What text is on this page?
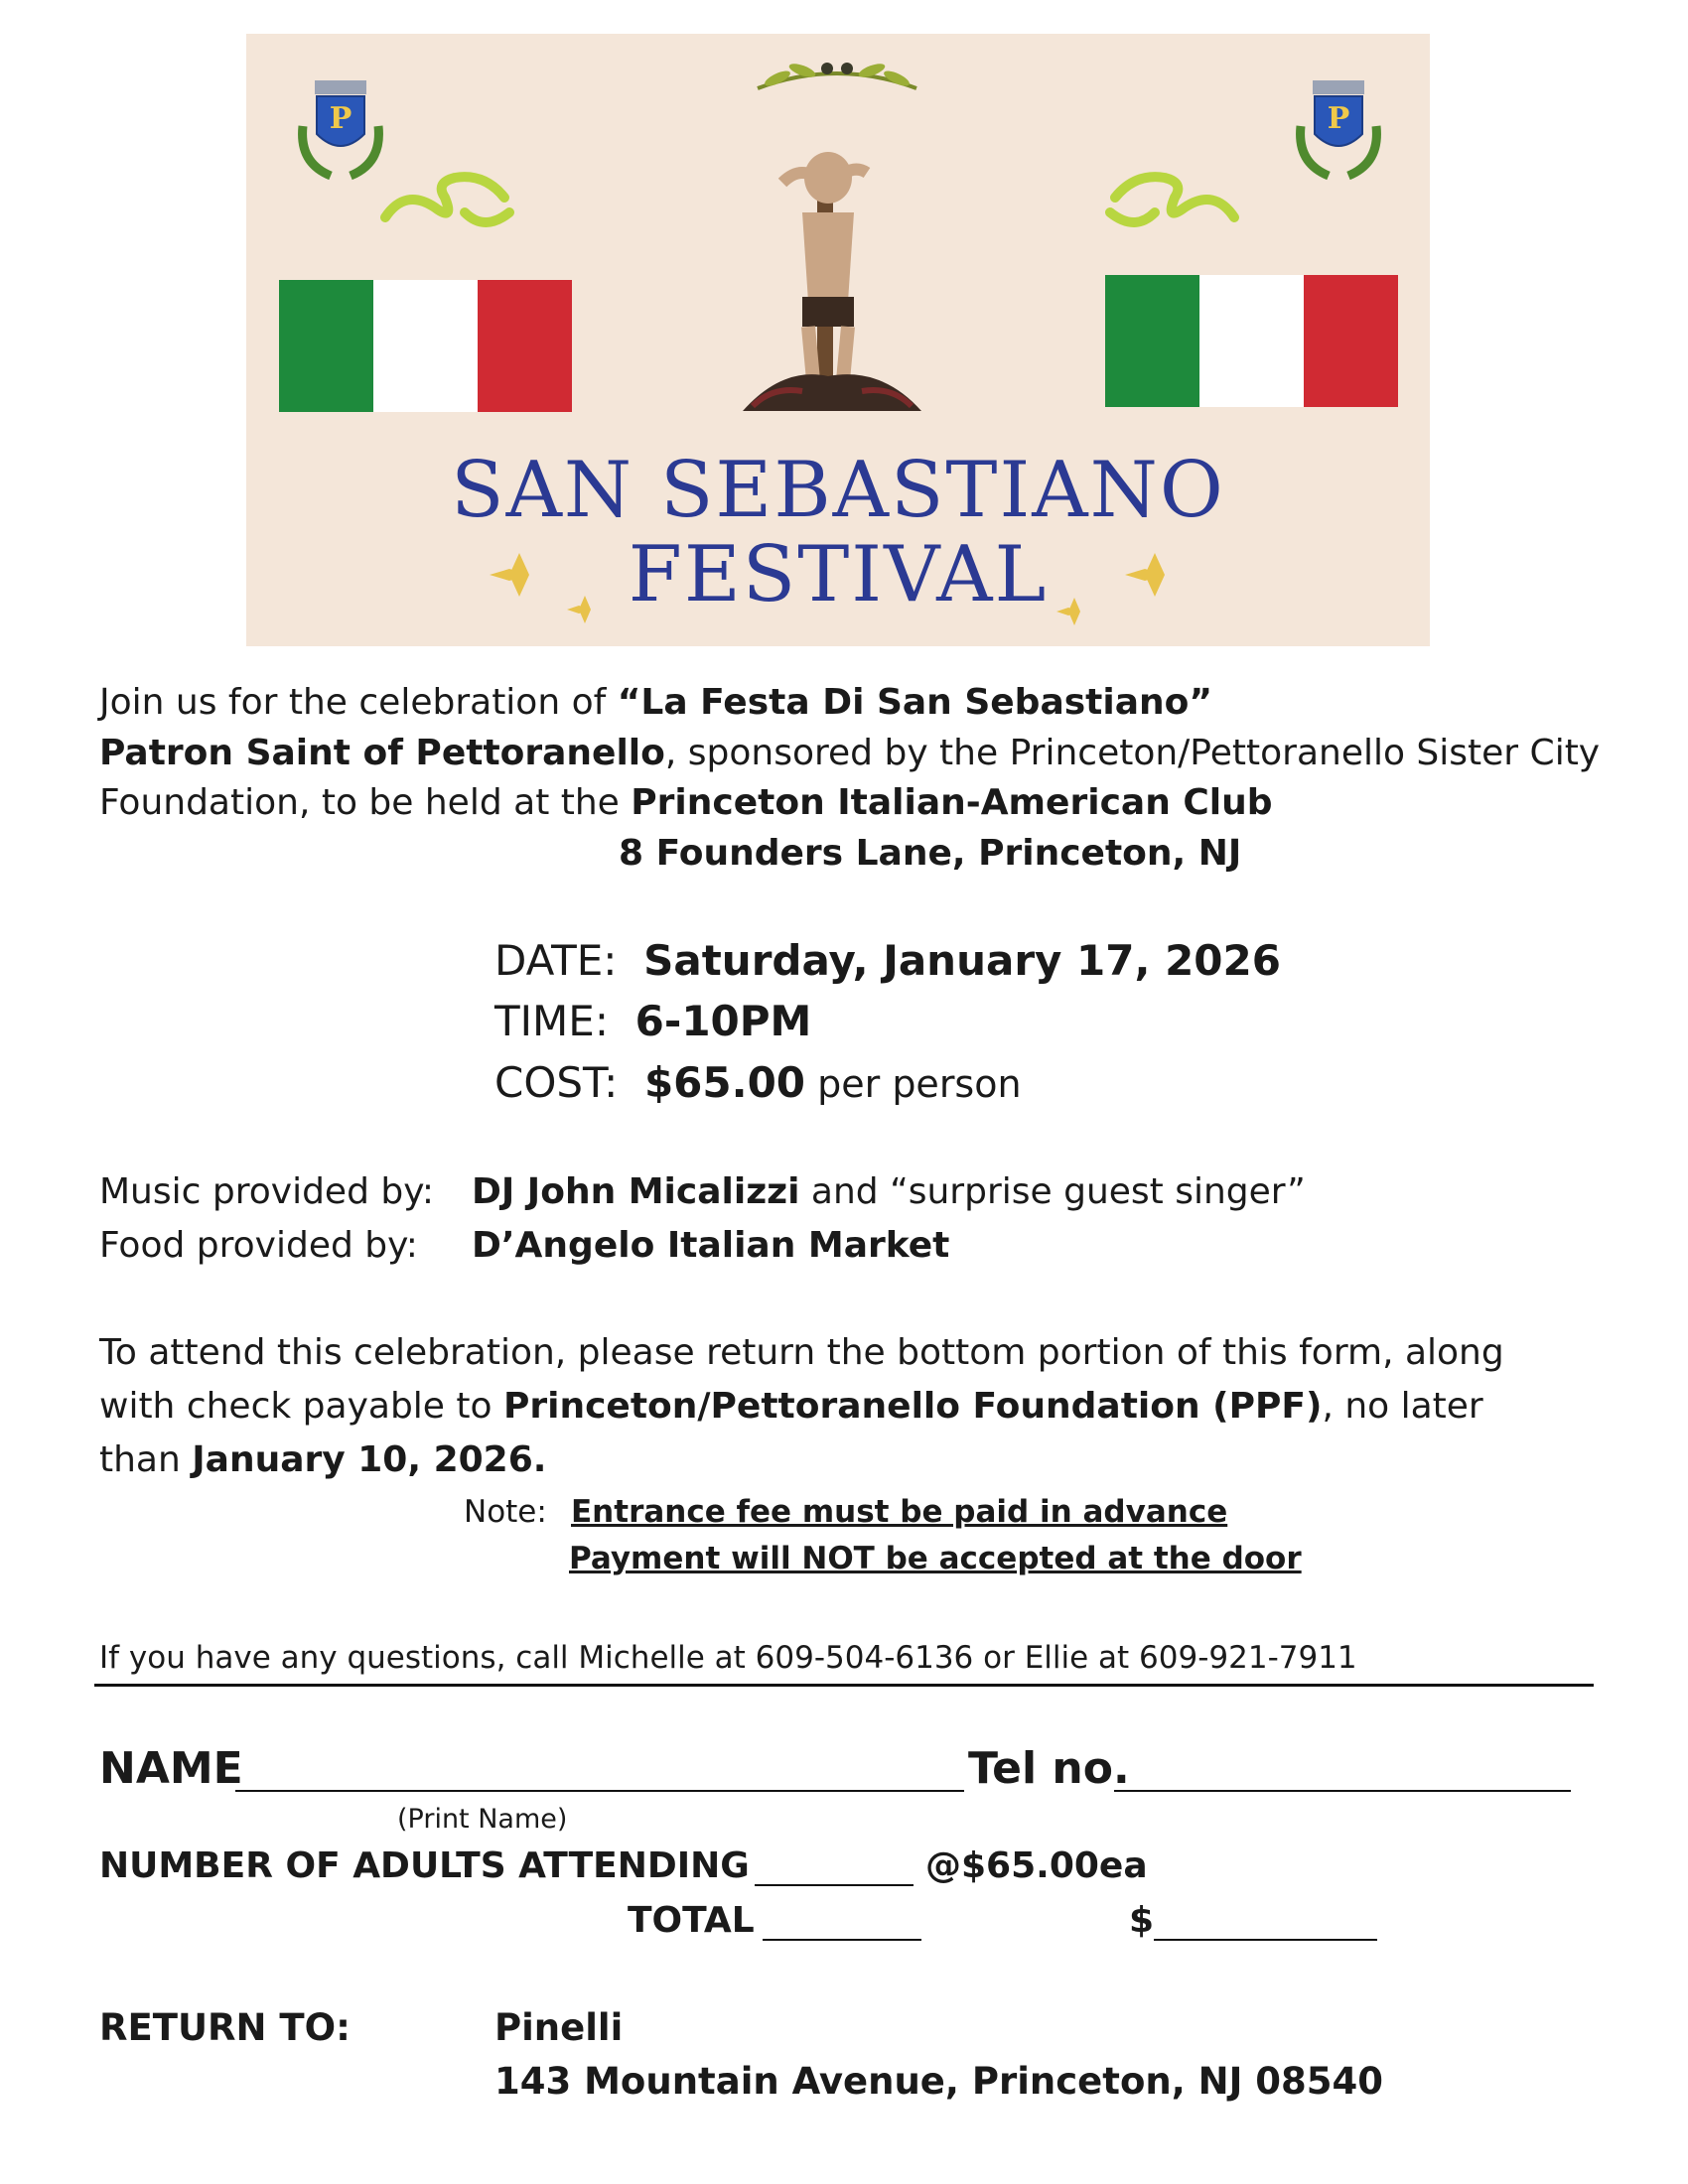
P	P
SAN SEBASTIANO
FESTIVAL
Join us for the celebration of “La Festa Di San Sebastiano”
Patron Saint of Pettoranello, sponsored by the Princeton/Pettoranello Sister City
Foundation, to be held at the Princeton Italian-American Club
8 Founders Lane, Princeton, NJ
DATE: Saturday, January 17, 2026
TIME: 6-10PM
COST: $65.00 per person
Music provided by: DJ John Micalizzi and “surprise guest singer”
Food provided by: D’Angelo Italian Market
To attend this celebration, please return the bottom portion of this form, along
with check payable to Princeton/Pettoranello Foundation (PPF), no later
than January 10, 2026.
Note: Entrance fee must be paid in advance
Payment will NOT be accepted at the door
If you have any questions, call Michelle at 609-504-6136 or Ellie at 609-921-7911
NAME	Tel no.
(Print Name)
NUMBER OF ADULTS ATTENDING	@$65.00ea
TOTAL	$
RETURN TO:	Pinelli
143 Mountain Avenue, Princeton, NJ 08540
